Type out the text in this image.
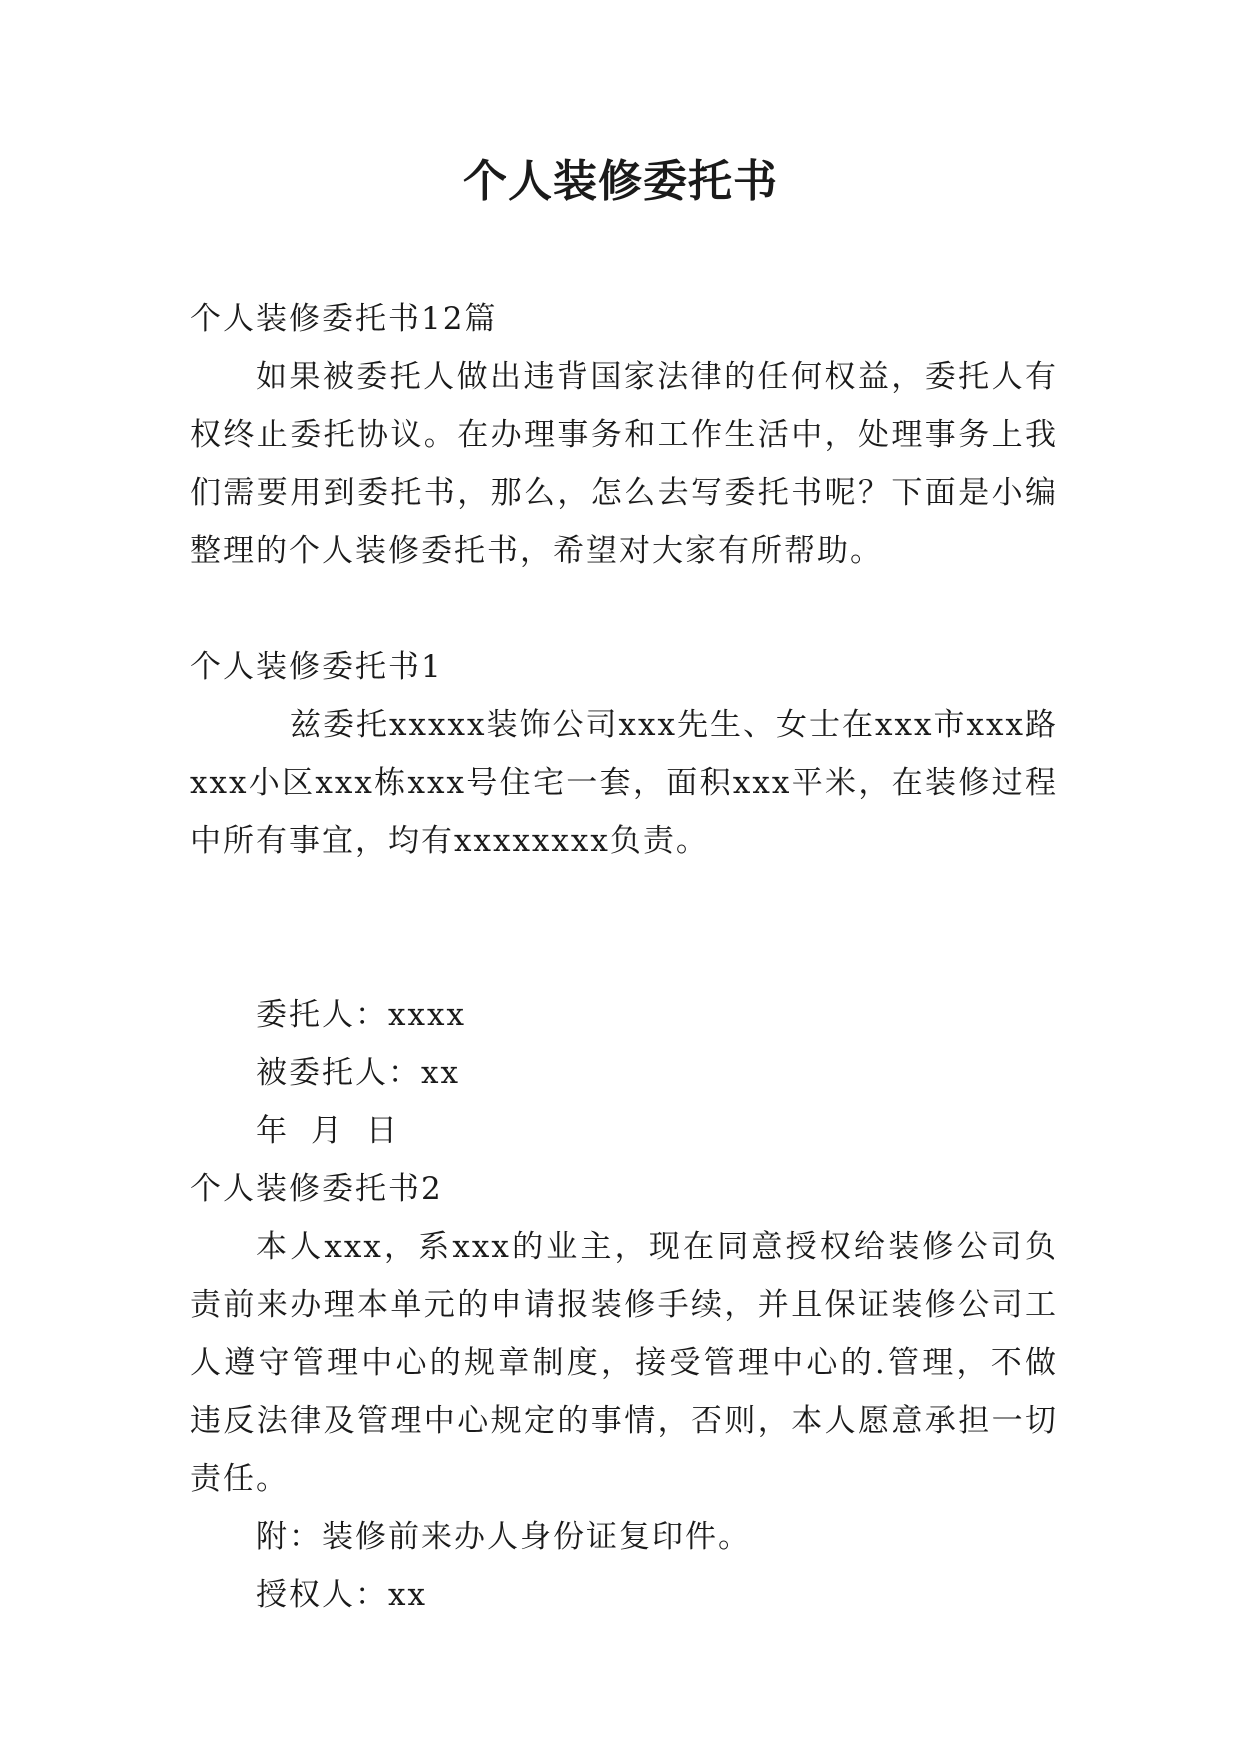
个人装修委托书

个人装修委托书12篇

如果被委托人做出违背国家法律的任何权益，委托人有权终止委托协议。在办理事务和工作生活中，处理事务上我们需要用到委托书，那么，怎么去写委托书呢？下面是小编整理的个人装修委托书，希望对大家有所帮助。

个人装修委托书1

兹委托xxxxx装饰公司xxx先生、女士在xxx市xxx路xxx小区xxx栋xxx号住宅一套，面积xxx平米，在装修过程中所有事宜，均有xxxxxxxx负责。

委托人：xxxx

被委托人：xx

年 月 日

个人装修委托书2

本人xxx，系xxx的业主，现在同意授权给装修公司负责前来办理本单元的申请报装修手续，并且保证装修公司工人遵守管理中心的规章制度，接受管理中心的.管理，不做违反法律及管理中心规定的事情，否则，本人愿意承担一切责任。

附：装修前来办人身份证复印件。

授权人：xx
